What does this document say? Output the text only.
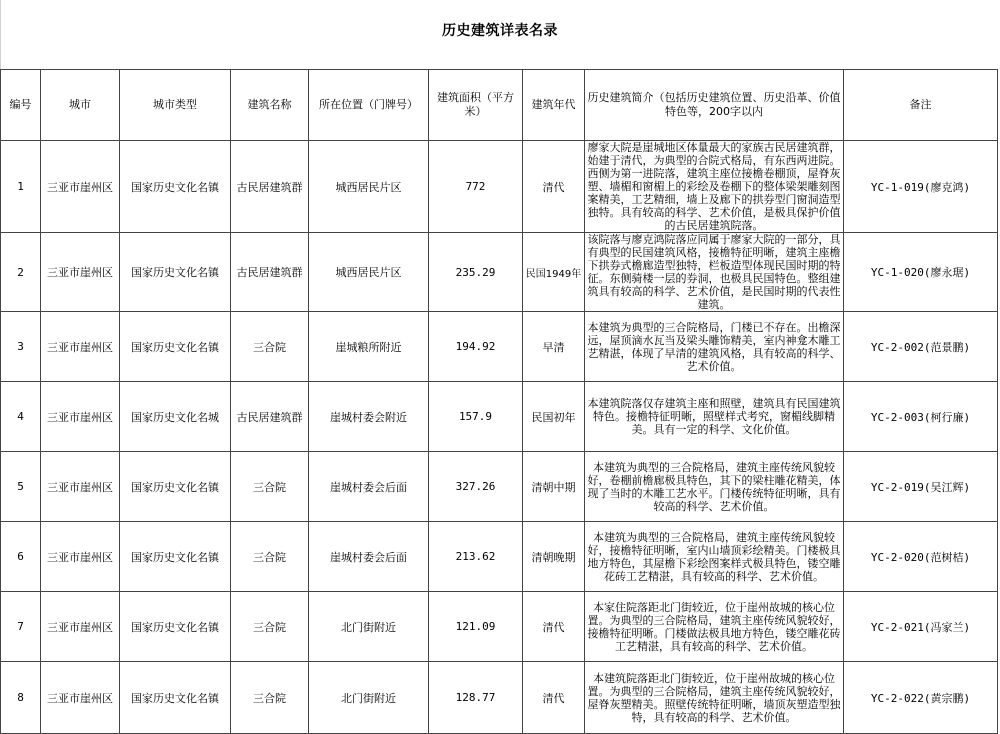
历史建筑详表名录
编号	城市	城市类型	建筑名称	所在位置（门牌号）	建筑面积（平方米）	建筑年代	历史建筑简介（包括历史建筑位置、历史沿革、价值特色等，200字以内	备注
1	三亚市崖州区	国家历史文化名镇	古民居建筑群	城西居民片区	772	清代	廖家大院是崖城地区体量最大的家族古民居建筑群，始建于清代，为典型的合院式格局，有东西两进院。西侧为第一进院落，建筑主座位接檐卷棚顶，屋脊灰塑、墙楣和窗楣上的彩绘及卷棚下的整体梁架雕刻图案精美，工艺精细，墙上及廊下的拱券型门窗洞造型独特。具有较高的科学、艺术价值，是极具保护价值的古民居建筑院落。	YC-1-019(廖克鸿)
2	三亚市崖州区	国家历史文化名镇	古民居建筑群	城西居民片区	235.29	民国1949年	该院落与廖克鸿院落应同属于廖家大院的一部分，具有典型的民国建筑风格，接檐特征明晰，建筑主座檐下拱券式檐廊造型独特，栏板造型体现民国时期的特征。东侧骑楼一层的券洞，也极具民国特色。整组建筑具有较高的科学、艺术价值，是民国时期的代表性建筑。	YC-1-020(廖永琚)
3	三亚市崖州区	国家历史文化名镇	三合院	崖城粮所附近	194.92	早清	本建筑为典型的三合院格局，门楼已不存在。出檐深远，屋顶滴水瓦当及梁头雕饰精美，室内神龛木雕工艺精湛，体现了早清的建筑风格，具有较高的科学、艺术价值。	YC-2-002(范景鹏)
4	三亚市崖州区	国家历史文化名城	古民居建筑群	崖城村委会附近	157.9	民国初年	本建筑院落仅存建筑主座和照壁，建筑具有民国建筑特色。接檐特征明晰，照壁样式考究，窗楣线脚精美。具有一定的科学、文化价值。	YC-2-003(柯行廉)
5	三亚市崖州区	国家历史文化名镇	三合院	崖城村委会后面	327.26	清朝中期	本建筑为典型的三合院格局，建筑主座传统风貌较好，卷棚前檐廊极具特色，其下的梁柱雕花精美，体现了当时的木雕工艺水平。门楼传统特征明晰，具有较高的科学、艺术价值。	YC-2-019(吴江辉)
6	三亚市崖州区	国家历史文化名镇	三合院	崖城村委会后面	213.62	清朝晚期	本建筑为典型的三合院格局，建筑主座传统风貌较好，接檐特征明晰，室内山墙顶彩绘精美。门楼极具地方特色，其屋檐下彩绘图案样式极具特色，镂空雕花砖工艺精湛，具有较高的科学、艺术价值。	YC-2-020(范树桔)
7	三亚市崖州区	国家历史文化名镇	三合院	北门街附近	121.09	清代	本家住院落距北门街较近，位于崖州故城的核心位置。为典型的三合院格局，建筑主座传统风貌较好，接檐特征明晰。门楼做法极具地方特色，镂空雕花砖工艺精湛，具有较高的科学、艺术价值。	YC-2-021(冯家兰)
8	三亚市崖州区	国家历史文化名镇	三合院	北门街附近	128.77	清代	本建筑院落距北门街较近，位于崖州故城的核心位置。为典型的三合院格局，建筑主座传统风貌较好，屋脊灰塑精美。照壁传统特征明晰，墙顶灰塑造型独特，具有较高的科学、艺术价值。	YC-2-022(黄宗鹏)
